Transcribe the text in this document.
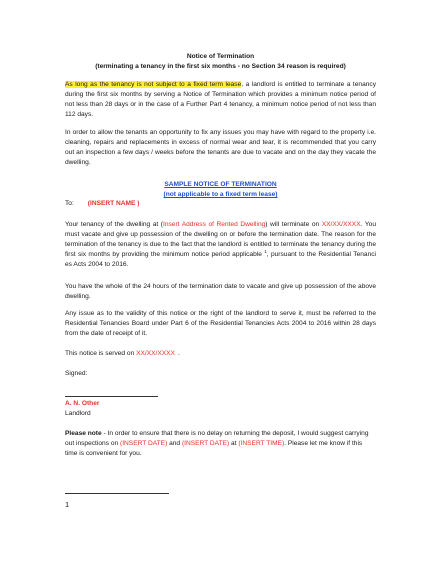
Notice of Termination
(terminating a tenancy in the first six months - no Section 34 reason is required)
As long as the tenancy is not subject to a fixed term lease, a landlord is entitled to terminate a tenancy during the first six months by serving a Notice of Termination which provides a minimum notice period of not less than 28 days or in the case of a Further Part 4 tenancy, a minimum notice period of not less than 112 days.
In order to allow the tenants an opportunity to fix any issues you may have with regard to the property i.e. cleaning, repairs and replacements in excess of normal wear and tear, it is recommended that you carry out an inspection a few days / weeks before the tenants are due to vacate and on the day they vacate the dwelling.
SAMPLE NOTICE OF TERMINATION
(not applicable to a fixed term lease)
To: (INSERT NAME )
Your tenancy of the dwelling at (Insert Address of Rented Dwelling) will terminate on XX/XX/XXXX. You must vacate and give up possession of the dwelling on or before the termination date. The reason for the termination of the tenancy is due to the fact that the landlord is entitled to terminate the tenancy during the first six months by providing the minimum notice period applicable $^1$, pursuant to the Residential Tenanci es Acts 2004 to 2016.
You have the whole of the 24 hours of the termination date to vacate and give up possession of the above dwelling.
Any issue as to the validity of this notice or the right of the landlord to serve it, must be referred to the Residential Tenancies Board under Part 6 of the Residential Tenancies Acts 2004 to 2016 within 28 days from the date of receipt of it.
This notice is served on XX/XX/XXXX .
Signed:
A. N. Other
Landlord
Please note - In order to ensure that there is no delay on returning the deposit, I would suggest carrying out inspections on (INSERT DATE) and (INSERT DATE) at (INSERT TIME). Please let me know if this time is convenient for you.
1
